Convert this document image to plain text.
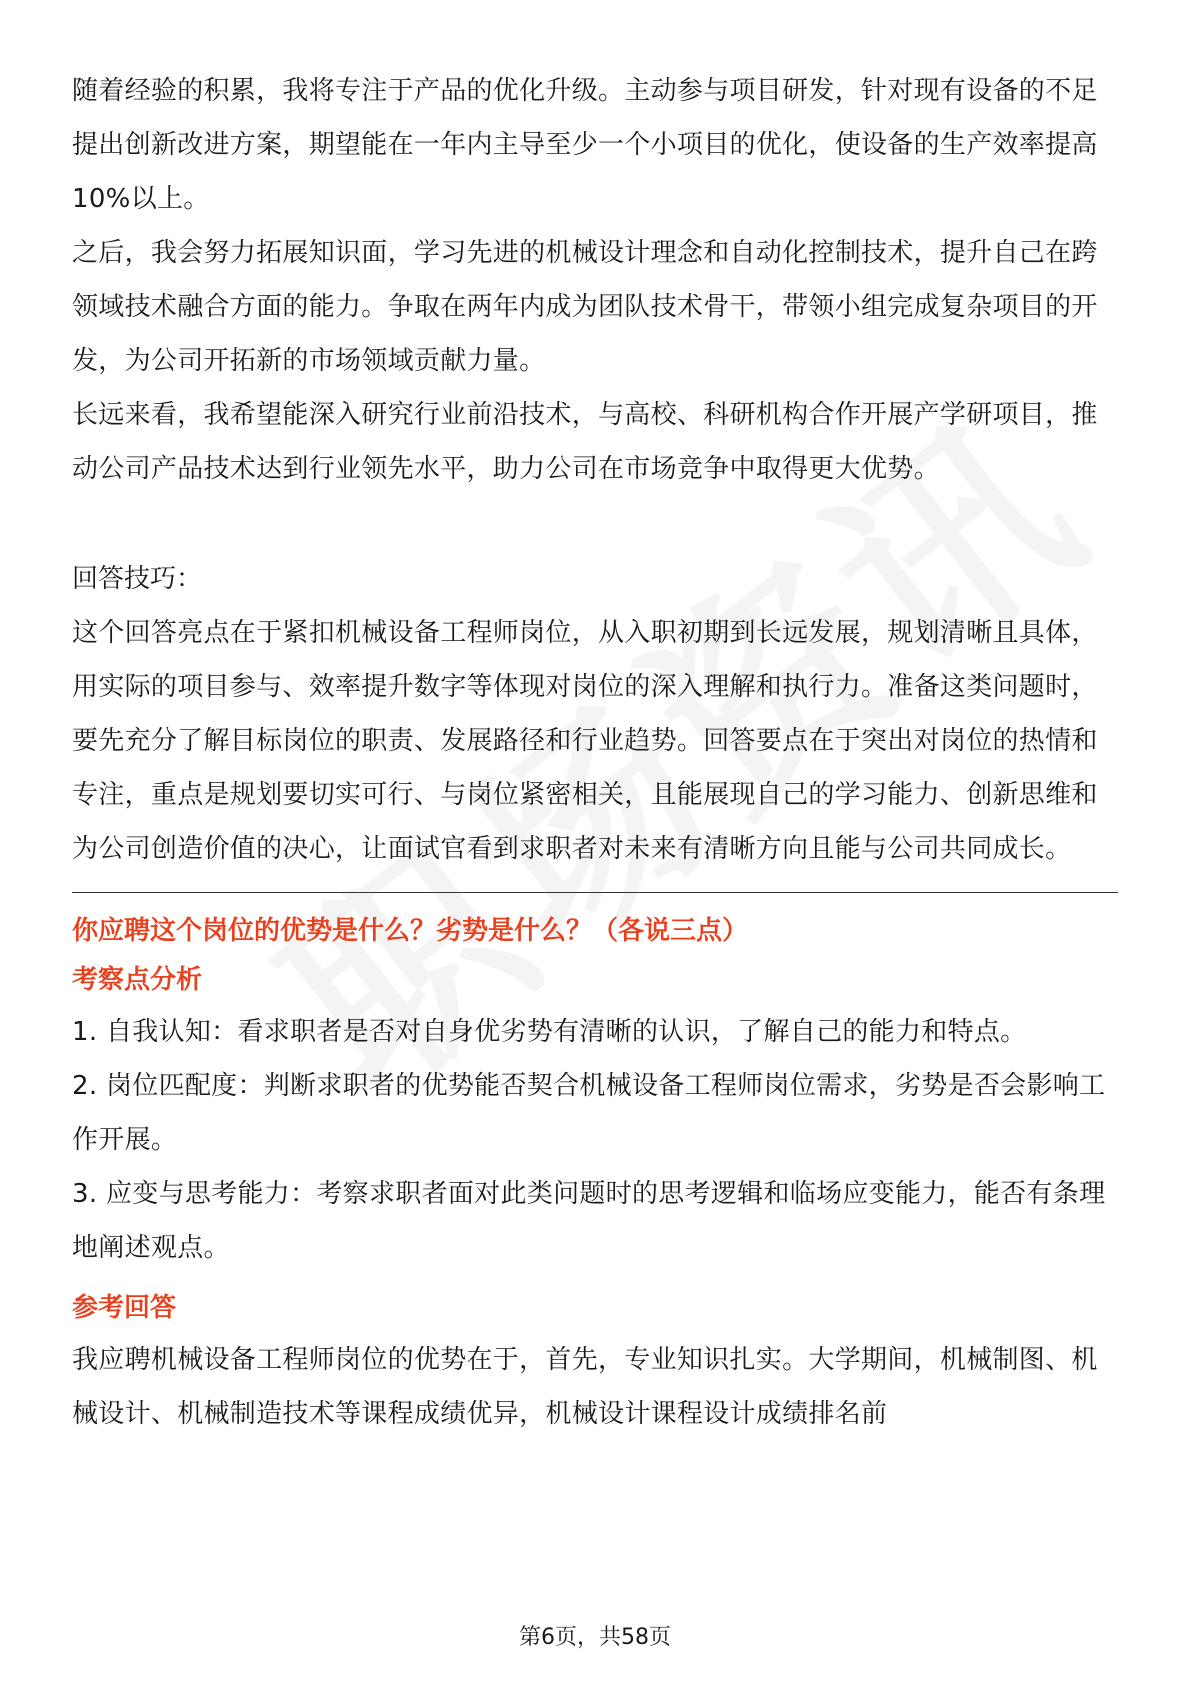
随着经验的积累，我将专注于产品的优化升级。主动参与项目研发，针对现有设备的不足提出创新改进方案，期望能在一年内主导至少一个小项目的优化，使设备的生产效率提高10%以上。

之后，我会努力拓展知识面，学习先进的机械设计理念和自动化控制技术，提升自己在跨领域技术融合方面的能力。争取在两年内成为团队技术骨干，带领小组完成复杂项目的开发，为公司开拓新的市场领域贡献力量。

长远来看，我希望能深入研究行业前沿技术，与高校、科研机构合作开展产学研项目，推动公司产品技术达到行业领先水平，助力公司在市场竞争中取得更大优势。

回答技巧：

这个回答亮点在于紧扣机械设备工程师岗位，从入职初期到长远发展，规划清晰且具体，用实际的项目参与、效率提升数字等体现对岗位的深入理解和执行力。准备这类问题时，要先充分了解目标岗位的职责、发展路径和行业趋势。回答要点在于突出对岗位的热情和专注，重点是规划要切实可行、与岗位紧密相关，且能展现自己的学习能力、创新思维和为公司创造价值的决心，让面试官看到求职者对未来有清晰方向且能与公司共同成长。

你应聘这个岗位的优势是什么？劣势是什么？（各说三点）

考察点分析

1. 自我认知：看求职者是否对自身优劣势有清晰的认识，了解自己的能力和特点。

2. 岗位匹配度：判断求职者的优势能否契合机械设备工程师岗位需求，劣势是否会影响工作开展。

3. 应变与思考能力：考察求职者面对此类问题时的思考逻辑和临场应变能力，能否有条理地阐述观点。

参考回答

我应聘机械设备工程师岗位的优势在于，首先，专业知识扎实。大学期间，机械制图、机械设计、机械制造技术等课程成绩优异，机械设计课程设计成绩排名前

第6页，共58页
